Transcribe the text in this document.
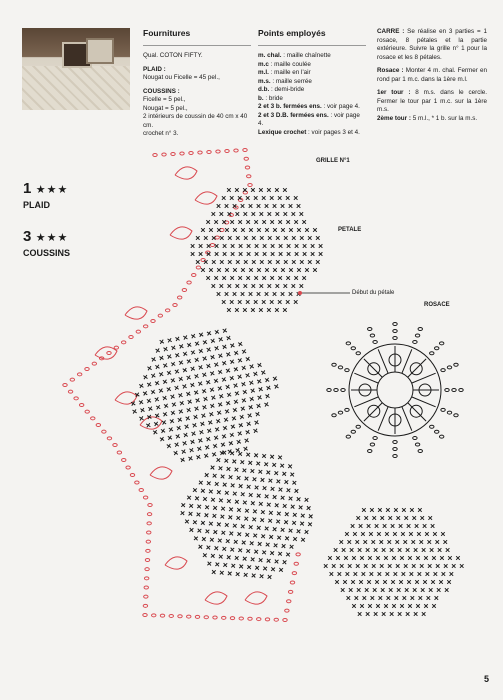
Fournitures

Qual. COTON FIFTY.

PLAID :
Nougat ou Ficelle = 45 pel.,

COUSSINS :
Ficelle = 5 pel.,
Nougat = 5 pel.,
2 intérieurs de coussin de 40 cm x 40 cm.
crochet n° 3.

Points employés
m. chal. : maille chaînette
m.c : maille coulée
m.l. : maille en l'air
m.s. : maille serrée
d.b. : demi-bride
b. : bride
2 et 3 b. fermées ens. : voir page 4.
2 et 3 D.B. fermées ens. : voir page 4.
Lexique crochet : voir pages 3 et 4.

CARRE : Se réalise en 3 parties = 1 rosace, 8 pétales et la partie extérieure. Suivre la grille n° 1 pour la rosace et les 8 pétales.

Rosace : Monter 4 m. chal. Fermer en rond par 1 m.c. dans la 1ère m.l.

1er tour : 8 m.s. dans le cercle. Fermer le tour par 1 m.c. sur la 1ère m.s.

2ème tour : 5 m.l., * 1 b. sur la m.s.

1 ★★★
PLAID
3 ★★★
COUSSINS
GRILLE N°1
PETALE
Début du pétale
ROSACE
5
